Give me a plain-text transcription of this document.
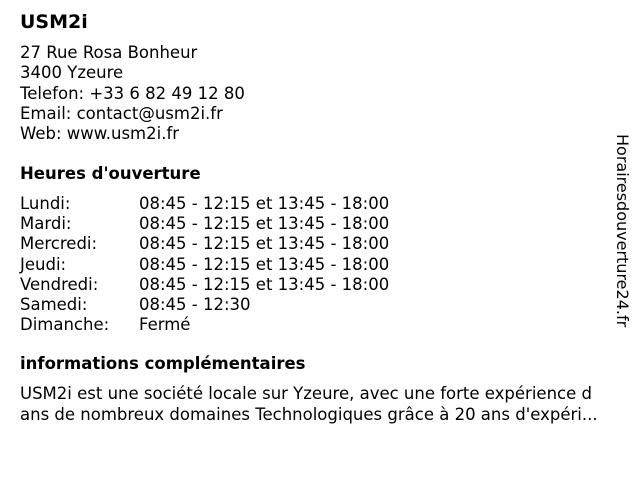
USM2i
27 Rue Rosa Bonheur
3400 Yzeure
Telefon: +33 6 82 49 12 80
Email: contact@usm2i.fr
Web: www.usm2i.fr
Heures d'ouverture
Lundi:	08:45 - 12:15 et 13:45 - 18:00
Mardi:	08:45 - 12:15 et 13:45 - 18:00
Mercredi:	08:45 - 12:15 et 13:45 - 18:00
Jeudi:	08:45 - 12:15 et 13:45 - 18:00
Vendredi: 08:45 - 12:15 et 13:45 - 18:00
Samedi:	08:45 - 12:30
Dimanche: Fermé
informations complémentaires
USM2i est une société locale sur Yzeure, avec une forte expérience d
ans de nombreux domaines Technologiques grâce à 20 ans d'expéri...
Horairesdouverture24.fr
